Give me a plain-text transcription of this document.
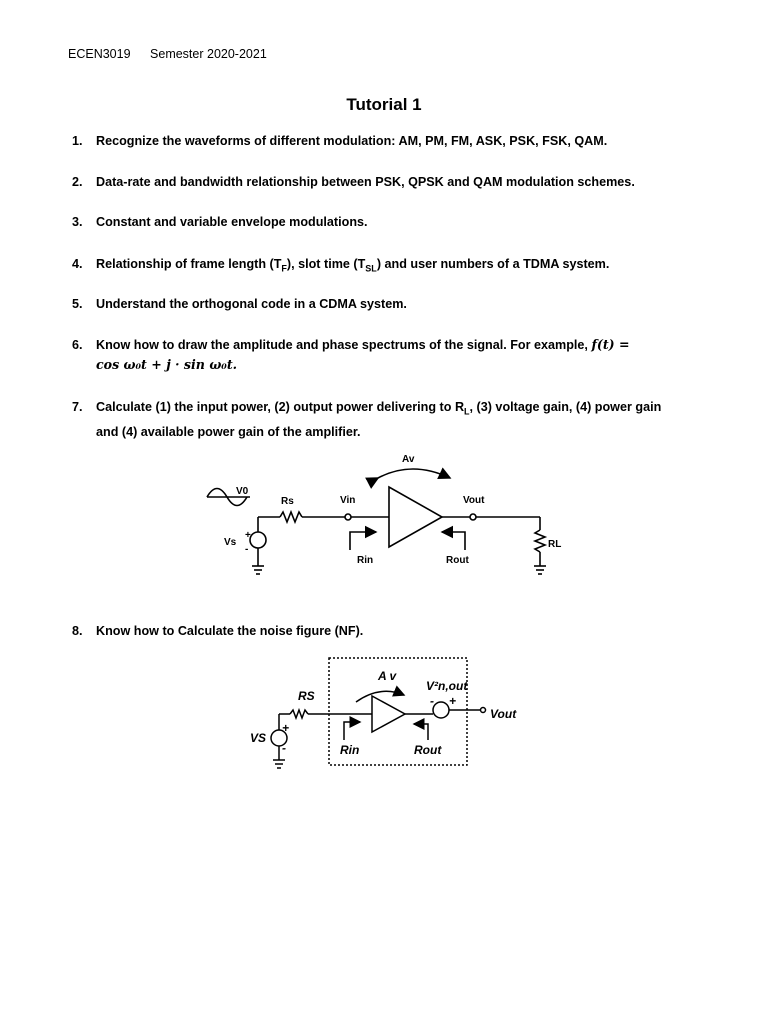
ECEN3019 Semester 2020-2021
Tutorial 1
1.	Recognize the waveforms of different modulation: AM, PM, FM, ASK, PSK, FSK, QAM.
2.	Data-rate and bandwidth relationship between PSK, QPSK and QAM modulation schemes.
3.	Constant and variable envelope modulations.
4.	Relationship of frame length $(T_F)$, slot time $(T_{SL})$ and user numbers of a TDMA system.
5.	Understand the orthogonal code in a CDMA system.
6.	Know how to draw the amplitude and phase spectrums of the signal. For example, f(t) =
cos ω₀t + j · sin ω₀t.
7.	Calculate (1) the input power, (2) output power delivering to $R_L$, (3) voltage gain, (4) power gain
and (4) available power gain of the amplifier.
8.	Know how to Calculate the noise figure (NF).
Av
V0
Rs	Vin	Vout
Vs
+
-
Rin	Rout
RL
A v
RS
VS
+
-	Rin	Rout
V²n,out
- +
Vout
